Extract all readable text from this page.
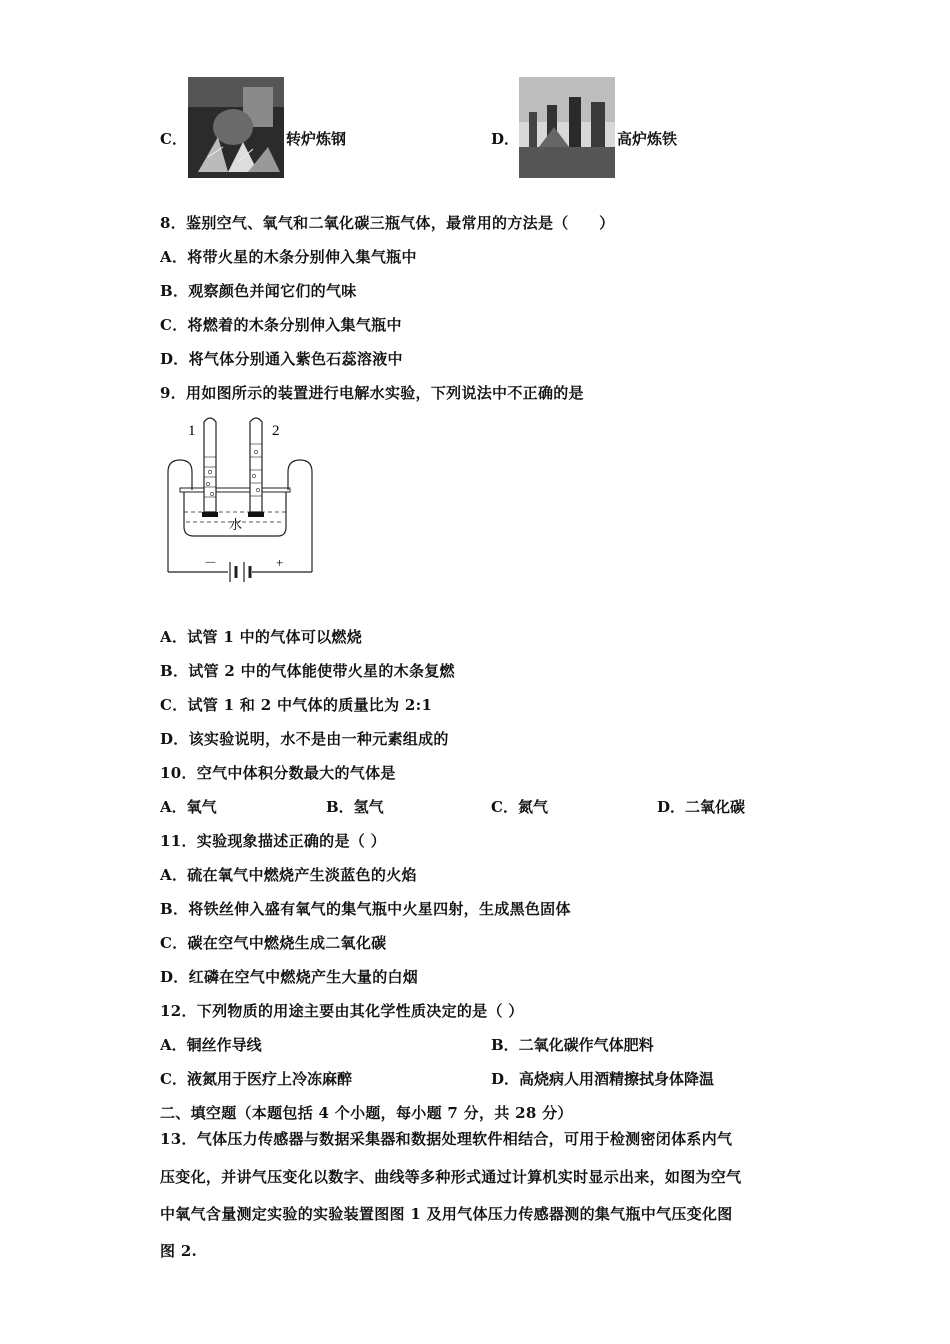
C．	转炉炼钢	D．	高炉炼铁
8．鉴别空气、氧气和二氧化碳三瓶气体，最常用的方法是（　　）
A．将带火星的木条分别伸入集气瓶中
B．观察颜色并闻它们的气味
C．将燃着的木条分别伸入集气瓶中
D．将气体分别通入紫色石蕊溶液中
9．用如图所示的装置进行电解水实验，下列说法中不正确的是
1	2
水
－	+
A．试管 1 中的气体可以燃烧
B．试管 2 中的气体能使带火星的木条复燃
C．试管 1 和 2 中气体的质量比为 2:1
D．该实验说明，水不是由一种元素组成的
10．空气中体积分数最大的气体是
A．氧气	B．氢气	C．氮气	D．二氧化碳
11．实验现象描述正确的是（ ）
A．硫在氧气中燃烧产生淡蓝色的火焰
B．将铁丝伸入盛有氧气的集气瓶中火星四射，生成黑色固体
C．碳在空气中燃烧生成二氧化碳
D．红磷在空气中燃烧产生大量的白烟
12．下列物质的用途主要由其化学性质决定的是（ ）
A．铜丝作导线	B．二氧化碳作气体肥料
C．液氮用于医疗上冷冻麻醉	D．高烧病人用酒精擦拭身体降温
二、填空题（本题包括 4 个小题，每小题 7 分，共 28 分）
13．气体压力传感器与数据采集器和数据处理软件相结合，可用于检测密闭体系内气
压变化，并讲气压变化以数字、曲线等多种形式通过计算机实时显示出来，如图为空气
中氧气含量测定实验的实验装置图图 1 及用气体压力传感器测的集气瓶中气压变化图
图 2.
